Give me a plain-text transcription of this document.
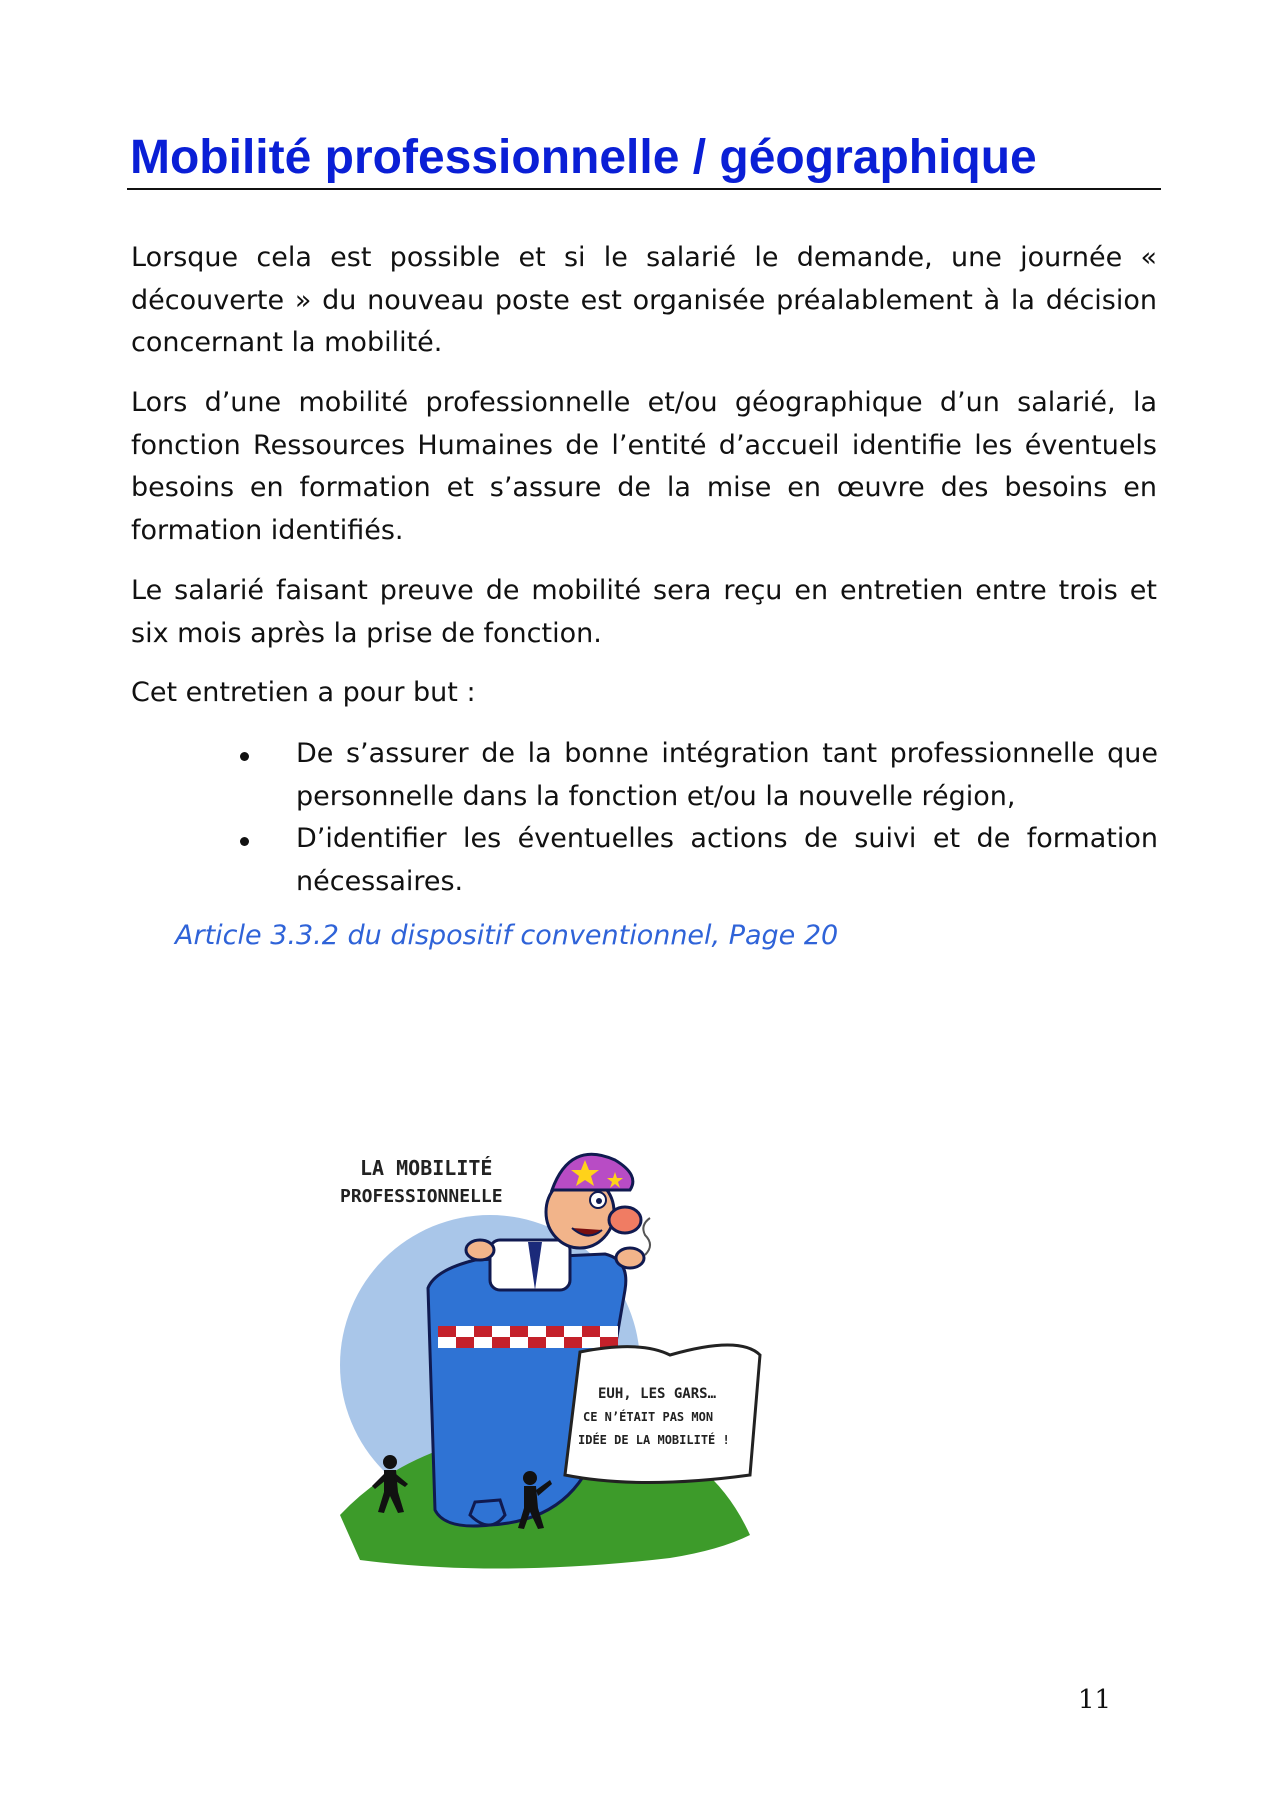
Mobilité professionnelle / géographique

Lorsque cela est possible et si le salarié le demande, une journée « découverte » du nouveau poste est organisée préalablement à la décision concernant la mobilité.

Lors d’une mobilité professionnelle et/ou géographique d’un salarié, la fonction Ressources Humaines de l’entité d’accueil identifie les éventuels besoins en formation et s’assure de la mise en œuvre des besoins en formation identifiés.

Le salarié faisant preuve de mobilité sera reçu en entretien entre trois et six mois après la prise de fonction.

Cet entretien a pour but :

De s’assurer de la bonne intégration tant professionnelle que personnelle dans la fonction et/ou la nouvelle région,
D’identifier les éventuelles actions de suivi et de formation nécessaires.

Article 3.3.2 du dispositif conventionnel, Page 20

LA MOBILITÉ
PROFESSIONNELLE
EUH, LES GARS…
CE N’ÉTAIT PAS MON
IDÉE DE LA MOBILITÉ !
11
